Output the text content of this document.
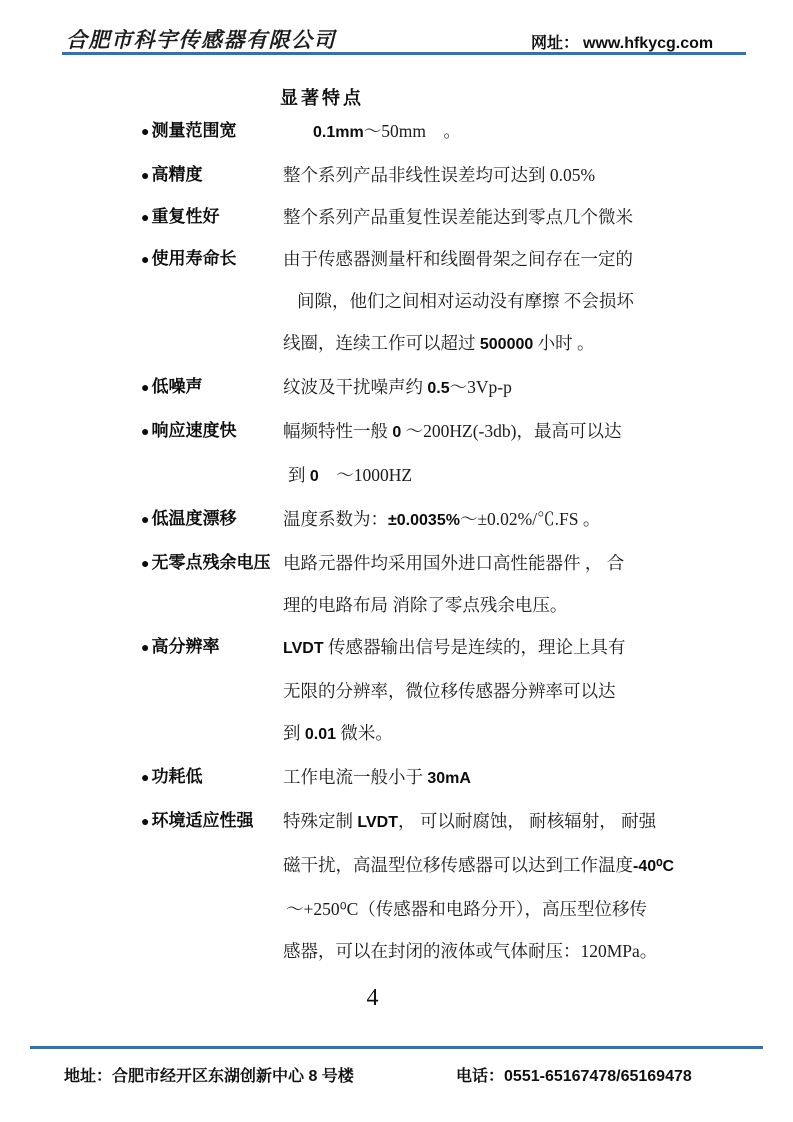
合肥市科宇传感器有限公司	网址： www.hfkycg.com
显著特点
● 测量范围宽	0.1mm～50mm　。
● 高精度	整个系列产品非线性误差均可达到 0.05%
● 重复性好	整个系列产品重复性误差能达到零点几个微米
● 使用寿命长	由于传感器测量杆和线圈骨架之间存在一定的
间隙，他们之间相对运动没有摩擦 不会损坏
线圈，连续工作可以超过 500000 小时 。
● 低噪声	纹波及干扰噪声约 0.5～3Vp-p
● 响应速度快	幅频特性一般 0 ～200HZ(-3db)，最高可以达
到 0　～1000HZ
● 低温度漂移	温度系数为：±0.0035%～±0.02%/℃.FS 。
● 无零点残余电压 电路元器件均采用国外进口高性能器件 ， 合
理的电路布局 消除了零点残余电压。
● 高分辨率	LVDT 传感器输出信号是连续的，理论上具有
无限的分辨率，微位移传感器分辨率可以达
到 0.01 微米。
● 功耗低	工作电流一般小于 30mA
● 环境适应性强	特殊定制 LVDT， 可以耐腐蚀， 耐核辐射， 耐强
磁干扰，高温型位移传感器可以达到工作温度-40⁰C
～+250⁰C（传感器和电路分开），高压型位移传
感器，可以在封闭的液体或气体耐压：120MPa。
4
地址：合肥市经开区东湖创新中心 8 号楼	电话：0551-65167478/65169478
